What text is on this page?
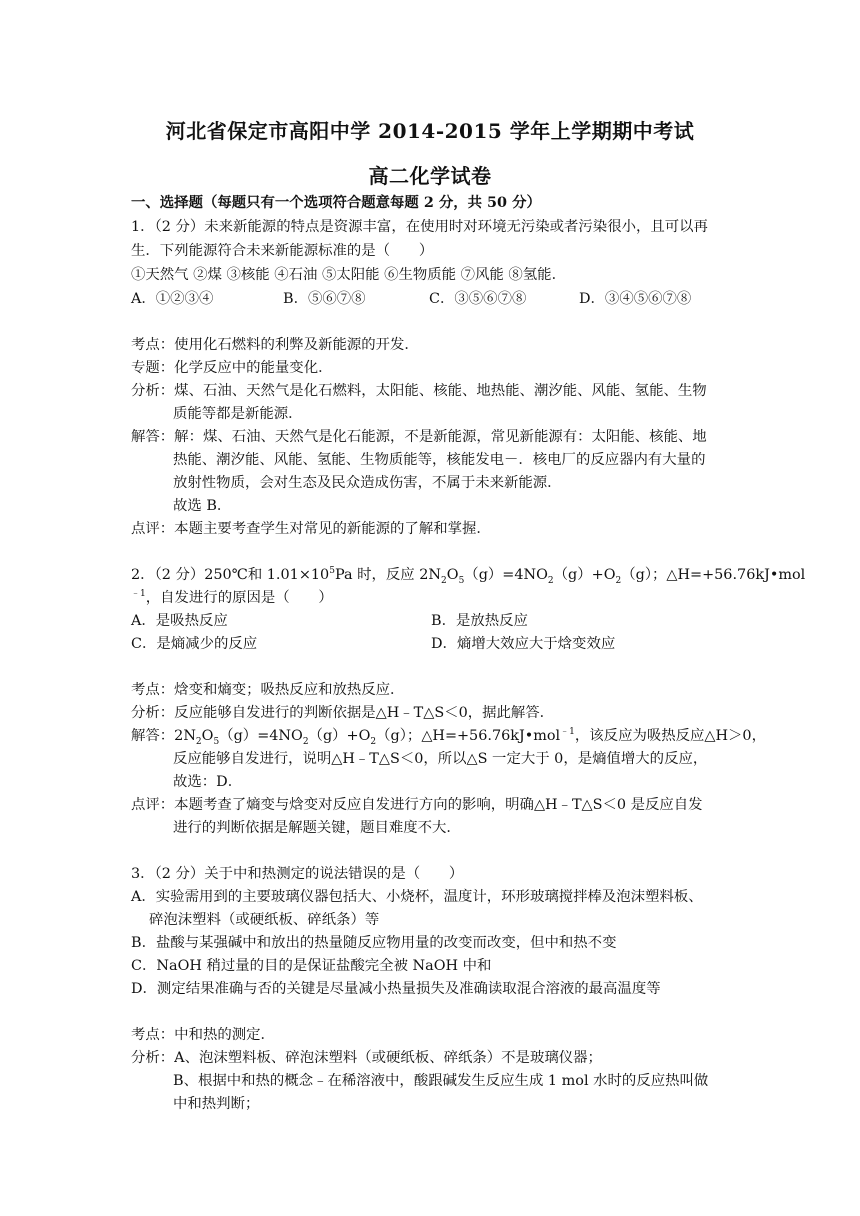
河北省保定市高阳中学 2014-2015 学年上学期期中考试
高二化学试卷
一、选择题（每题只有一个选项符合题意每题 2 分，共 50 分）
1．（2 分）未来新能源的特点是资源丰富，在使用时对环境无污染或者污染很小，且可以再
生．下列能源符合未来新能源标准的是（　　）
①天然气 ②煤 ③核能 ④石油 ⑤太阳能 ⑥生物质能 ⑦风能 ⑧氢能．
A．①②③④	B．⑤⑥⑦⑧	C．③⑤⑥⑦⑧	D．③④⑤⑥⑦⑧
考点：使用化石燃料的利弊及新能源的开发．
专题：化学反应中的能量变化．
分析：煤、石油、天然气是化石燃料，太阳能、核能、地热能、潮汐能、风能、氢能、生物
质能等都是新能源．
解答：解：煤、石油、天然气是化石能源，不是新能源，常见新能源有：太阳能、核能、地
热能、潮汐能、风能、氢能、生物质能等，核能发电－．核电厂的反应器内有大量的
放射性物质，会对生态及民众造成伤害，不属于未来新能源．
故选 B．
点评：本题主要考查学生对常见的新能源的了解和掌握．
2．（2 分）250℃和 $1.01\times 10^5Pa$ 时，反应 $2N_2O_5(g)=4NO_2(g)+O_2(g)$；△H=+56.76kJ•mol
$^{﹣1}$，自发进行的原因是（　　）
A．是吸热反应	B．是放热反应
C．是熵减少的反应	D．熵增大效应大于焓变效应
考点：焓变和熵变；吸热反应和放热反应．
分析：反应能够自发进行的判断依据是△H﹣T△S＜0，据此解答．
解答：$2N_2O_5(g)=4NO_2(g)+O_2(g)$；△H=+56.76kJ•mol$^{﹣1}$，该反应为吸热反应△H＞0，
反应能够自发进行，说明△H﹣T△S＜0，所以△S 一定大于 0，是熵值增大的反应，
故选：D．
点评：本题考查了熵变与焓变对反应自发进行方向的影响，明确△H﹣T△S＜0 是反应自发
进行的判断依据是解题关键，题目难度不大．
3．（2 分）关于中和热测定的说法错误的是（　　）
A．实验需用到的主要玻璃仪器包括大、小烧杯，温度计，环形玻璃搅拌棒及泡沫塑料板、
碎泡沫塑料（或硬纸板、碎纸条）等
B．盐酸与某强碱中和放出的热量随反应物用量的改变而改变，但中和热不变
C．NaOH 稍过量的目的是保证盐酸完全被 NaOH 中和
D．测定结果准确与否的关键是尽量减小热量损失及准确读取混合溶液的最高温度等
考点：中和热的测定．
分析：A、泡沫塑料板、碎泡沫塑料（或硬纸板、碎纸条）不是玻璃仪器；
B、根据中和热的概念﹣在稀溶液中，酸跟碱发生反应生成 1 mol 水时的反应热叫做
中和热判断；
